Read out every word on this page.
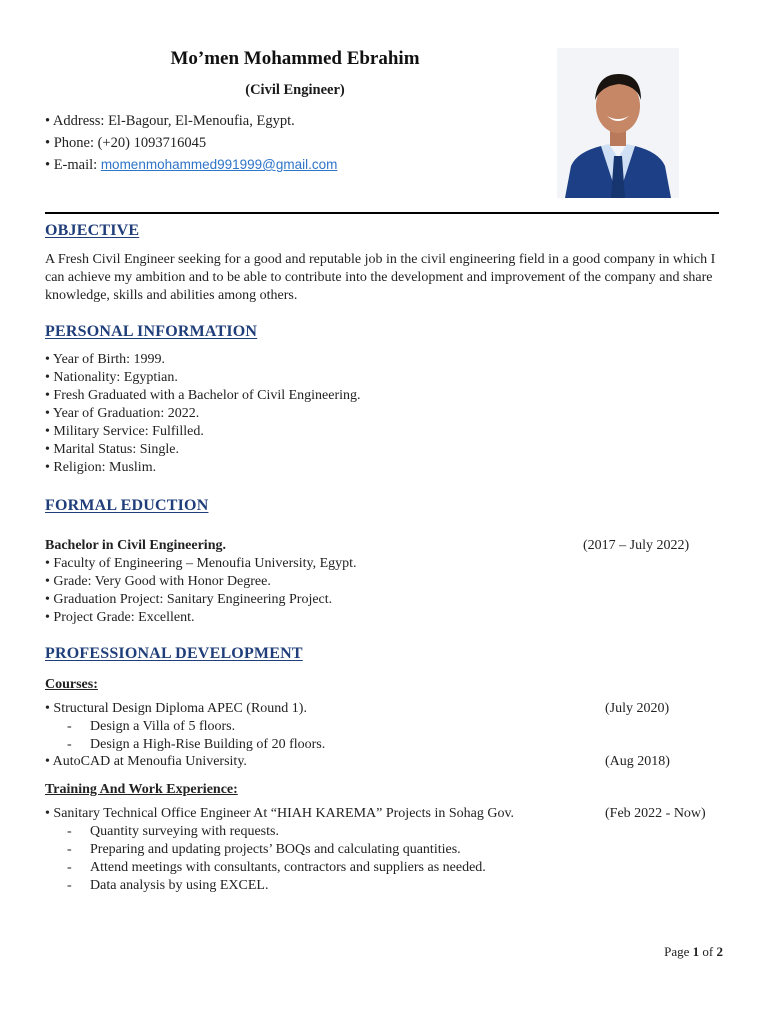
Mo’men Mohammed Ebrahim
(Civil Engineer)
• Address: El-Bagour, El-Menoufia, Egypt.
• Phone: (+20) 1093716045
• E-mail: momenmohammed991999@gmail.com
OBJECTIVE
A Fresh Civil Engineer seeking for a good and reputable job in the civil engineering field in a good company in which I can achieve my ambition and to be able to contribute into the development and improvement of the company and share knowledge, skills and abilities among others.
PERSONAL INFORMATION
• Year of Birth: 1999.
• Nationality: Egyptian.
• Fresh Graduated with a Bachelor of Civil Engineering.
• Year of Graduation: 2022.
• Military Service: Fulfilled.
• Marital Status: Single.
• Religion: Muslim.
FORMAL EDUCTION
Bachelor in Civil Engineering.	(2017 – July 2022)
• Faculty of Engineering – Menoufia University, Egypt.
• Grade: Very Good with Honor Degree.
• Graduation Project: Sanitary Engineering Project.
• Project Grade: Excellent.
PROFESSIONAL DEVELOPMENT
Courses:
• Structural Design Diploma APEC (Round 1).	(July 2020)
- Design a Villa of 5 floors.
- Design a High-Rise Building of 20 floors.
• AutoCAD at Menoufia University.	(Aug 2018)
Training And Work Experience:
• Sanitary Technical Office Engineer At “HIAH KAREMA” Projects in Sohag Gov.	(Feb 2022 - Now)
- Quantity surveying with requests.
- Preparing and updating projects’ BOQs and calculating quantities.
- Attend meetings with consultants, contractors and suppliers as needed.
- Data analysis by using EXCEL.
Page 1 of 2
